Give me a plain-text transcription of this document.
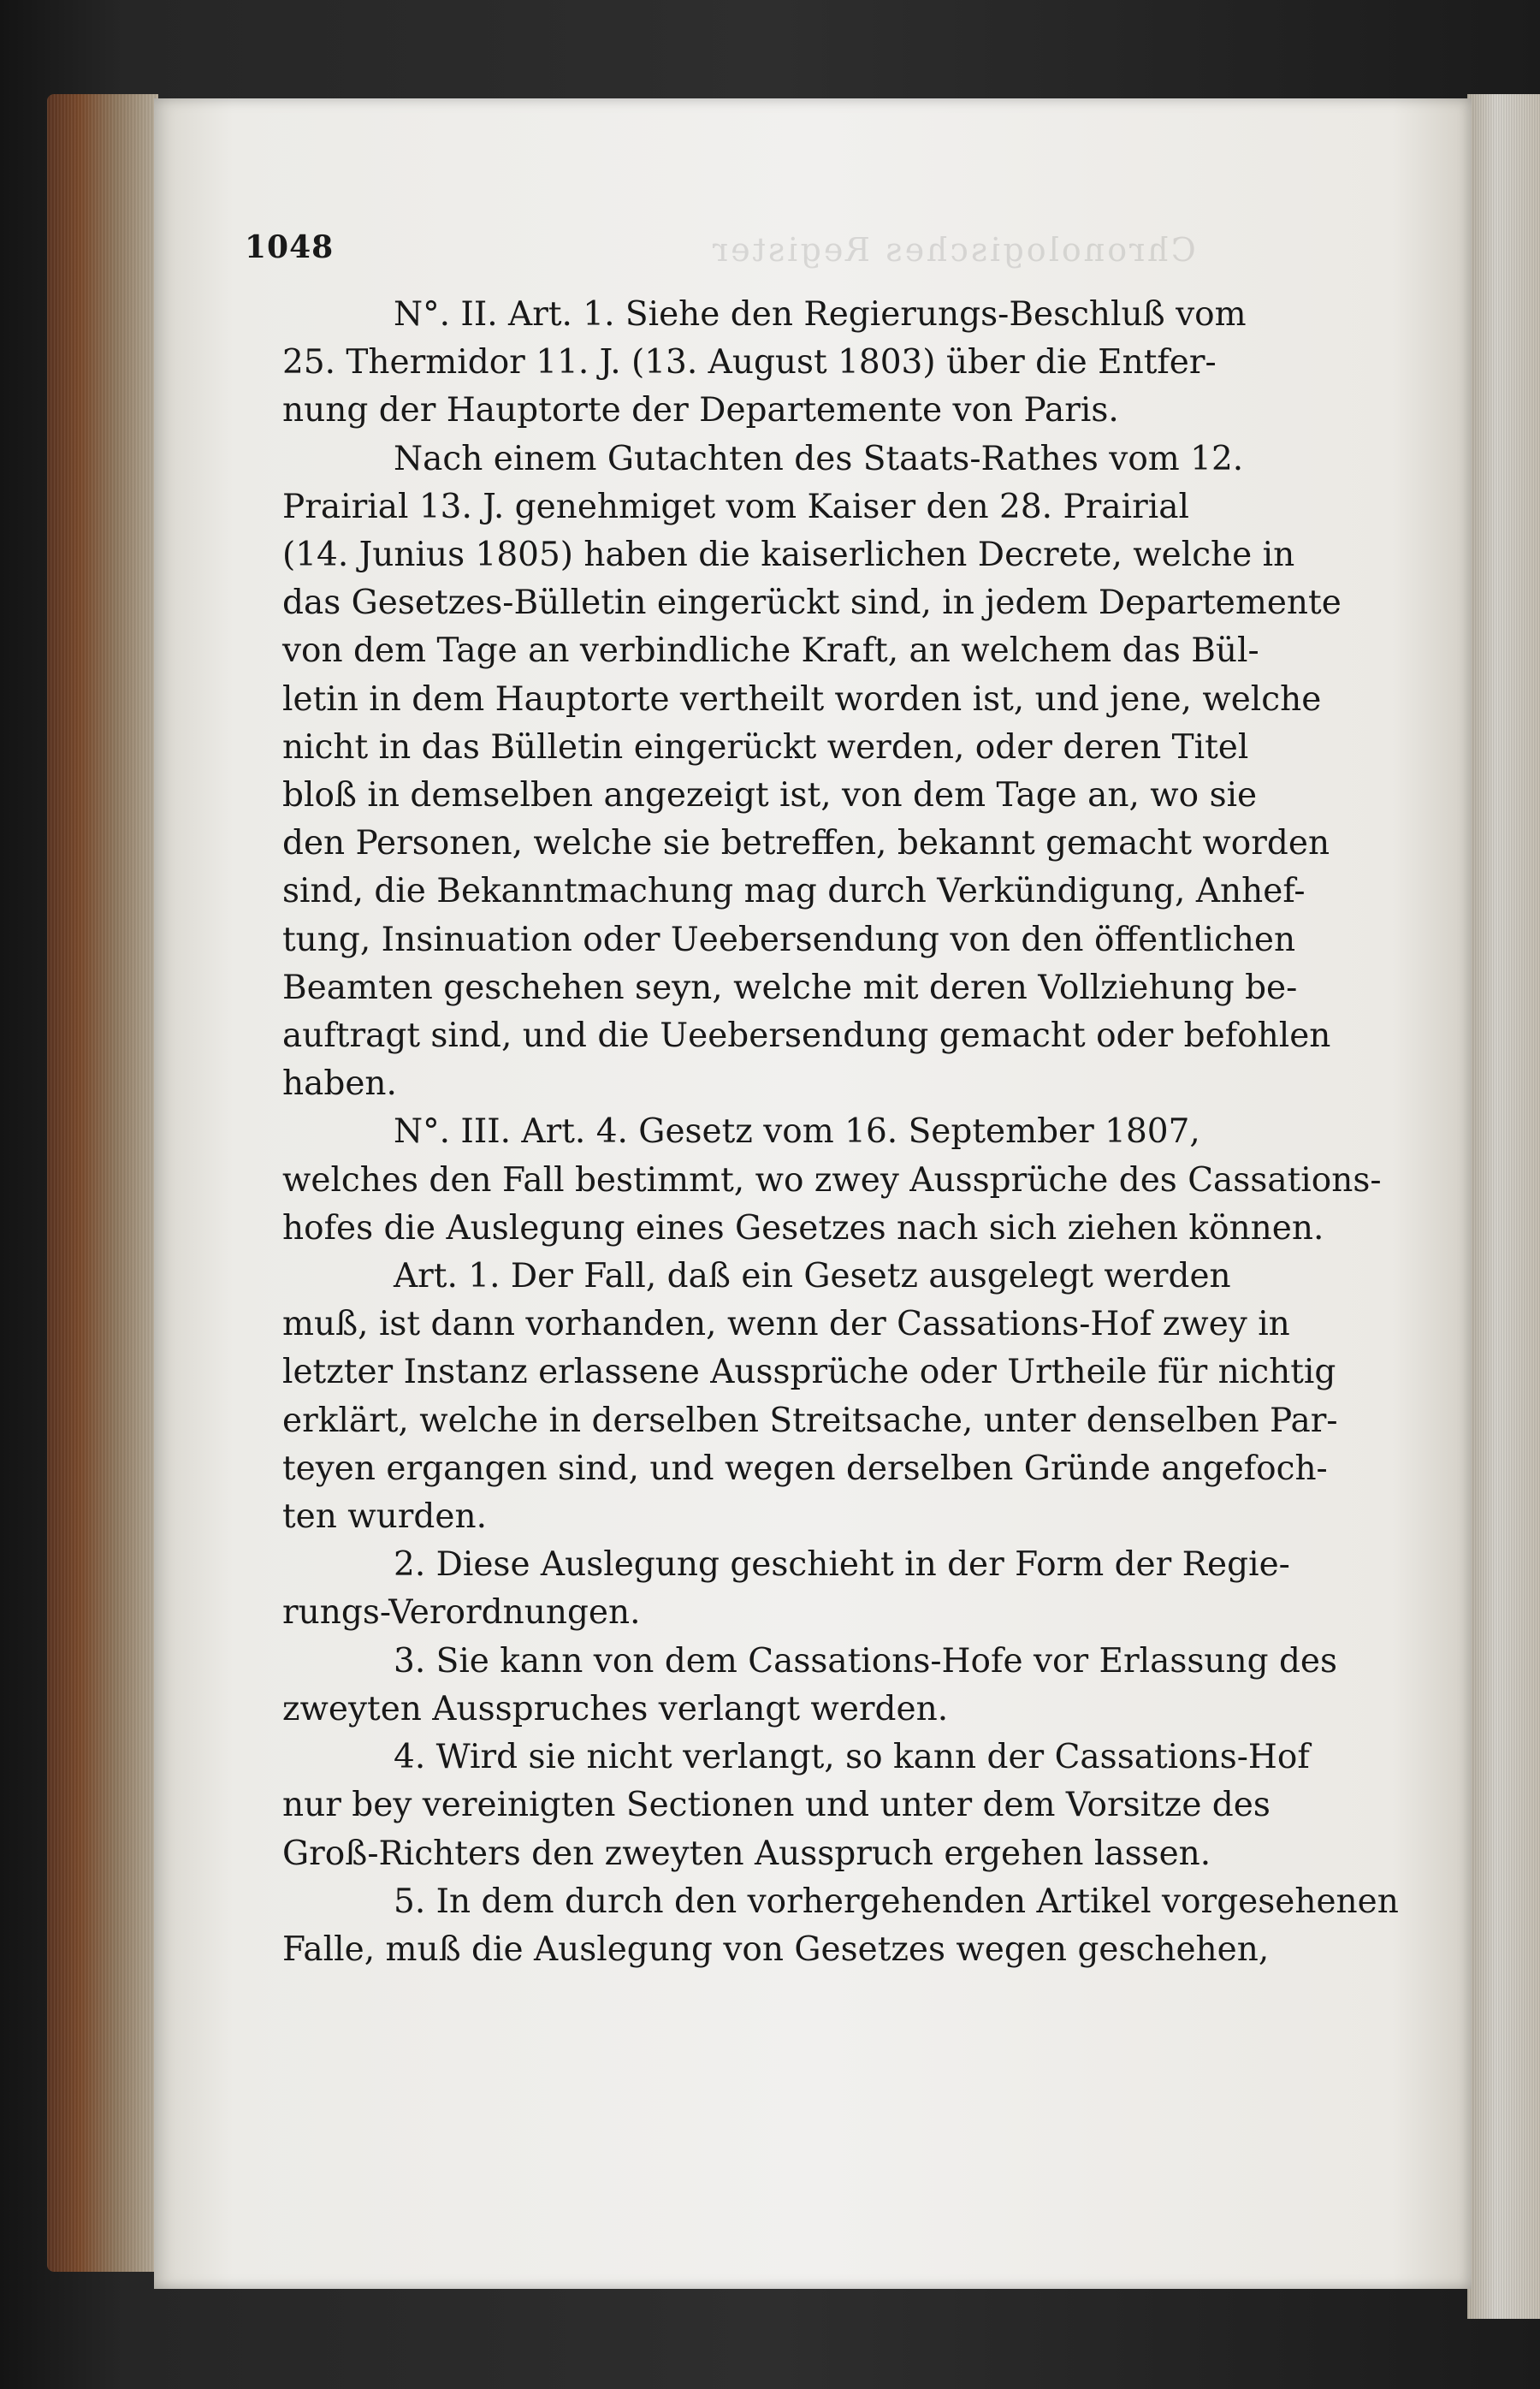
1048	Chronologisches Register
N°. II. Art. 1. Siehe den Regierungs-Beschluß vom
25. Thermidor 11. J. (13. August 1803) über die Entfer-
nung der Hauptorte der Departemente von Paris.
Nach einem Gutachten des Staats-Rathes vom 12.
Prairial 13. J. genehmiget vom Kaiser den 28. Prairial
(14. Junius 1805) haben die kaiserlichen Decrete, welche in
das Gesetzes-Bülletin eingerückt sind, in jedem Departemente
von dem Tage an verbindliche Kraft, an welchem das Bül-
letin in dem Hauptorte vertheilt worden ist, und jene, welche
nicht in das Bülletin eingerückt werden, oder deren Titel
bloß in demselben angezeigt ist, von dem Tage an, wo sie
den Personen, welche sie betreffen, bekannt gemacht worden
sind, die Bekanntmachung mag durch Verkündigung, Anhef-
tung, Insinuation oder Ueebersendung von den öffentlichen
Beamten geschehen seyn, welche mit deren Vollziehung be-
auftragt sind, und die Ueebersendung gemacht oder befohlen
haben.
N°. III. Art. 4. Gesetz vom 16. September 1807,
welches den Fall bestimmt, wo zwey Aussprüche des Cassations-
hofes die Auslegung eines Gesetzes nach sich ziehen können.
Art. 1. Der Fall, daß ein Gesetz ausgelegt werden
muß, ist dann vorhanden, wenn der Cassations-Hof zwey in
letzter Instanz erlassene Aussprüche oder Urtheile für nichtig
erklärt, welche in derselben Streitsache, unter denselben Par-
teyen ergangen sind, und wegen derselben Gründe angefoch-
ten wurden.
2. Diese Auslegung geschieht in der Form der Regie-
rungs-Verordnungen.
3. Sie kann von dem Cassations-Hofe vor Erlassung des
zweyten Ausspruches verlangt werden.
4. Wird sie nicht verlangt, so kann der Cassations-Hof
nur bey vereinigten Sectionen und unter dem Vorsitze des
Groß-Richters den zweyten Ausspruch ergehen lassen.
5. In dem durch den vorhergehenden Artikel vorgesehenen
Falle, muß die Auslegung von Gesetzes wegen geschehen,
